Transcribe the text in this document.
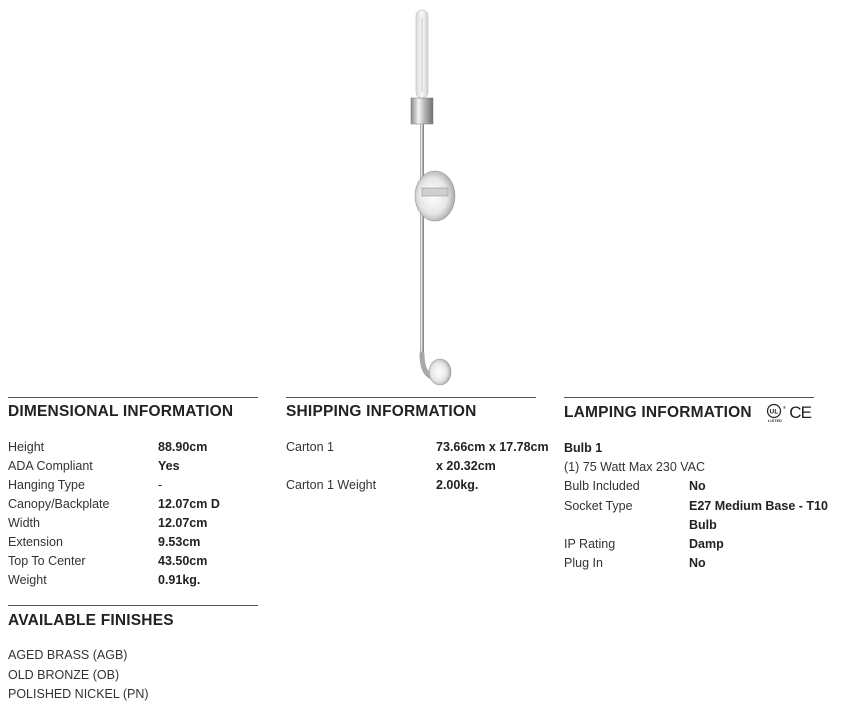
DIMENSIONAL INFORMATION
Height	88.90cm
ADA Compliant	Yes
Hanging Type	-
Canopy/Backplate	12.07cm D
Width	12.07cm
Extension	9.53cm
Top To Center	43.50cm
Weight	0.91kg.
SHIPPING INFORMATION
Carton 1	73.66cm x 17.78cm
x 20.32cm
Carton 1 Weight	2.00kg.
LAMPING INFORMATION	UL
LISTED
® CE
Bulb 1
(1) 75 Watt Max 230 VAC
Bulb Included	No
Socket Type	E27 Medium Base - T10
Bulb
IP Rating	Damp
Plug In	No
AVAILABLE FINISHES
AGED BRASS (AGB)
OLD BRONZE (OB)
POLISHED NICKEL (PN)
